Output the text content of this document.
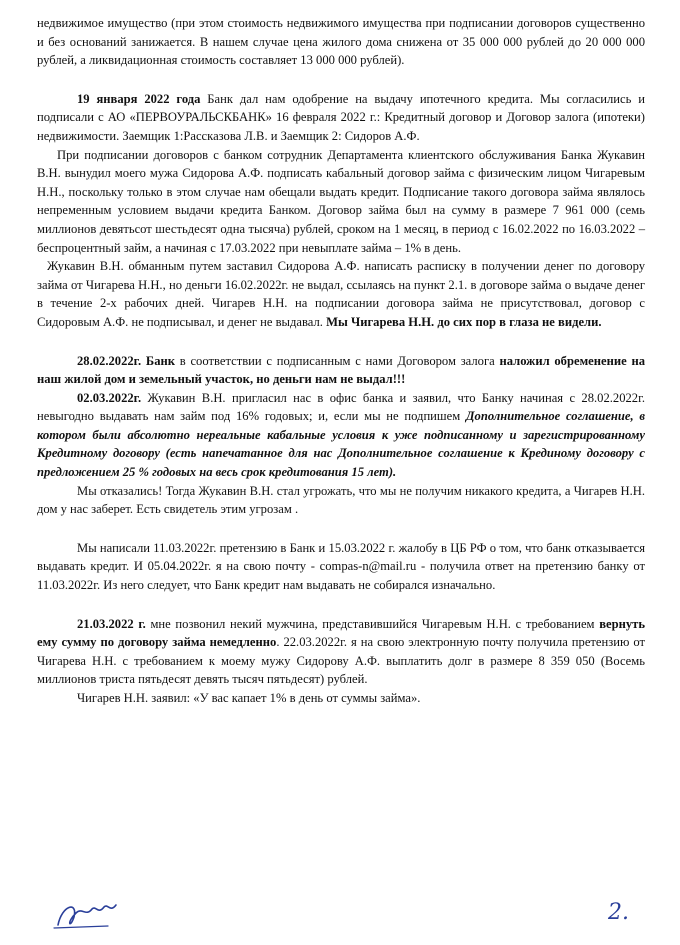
недвижимое имущество (при этом стоимость недвижимого имущества при подписании договоров существенно и без оснований занижается. В нашем случае цена жилого дома снижена от 35 000 000 рублей до 20 000 000 рублей, а ликвидационная стоимость составляет 13 000 000 рублей).

19 января 2022 года Банк дал нам одобрение на выдачу ипотечного кредита. Мы согласились и подписали с АО «ПЕРВОУРАЛЬСКБАНК» 16 февраля 2022 г.: Кредитный договор и Договор залога (ипотеки) недвижимости. Заемщик 1:Рассказова Л.В. и Заемщик 2: Сидоров А.Ф.

При подписании договоров с банком сотрудник Департамента клиентского обслуживания Банка Жукавин В.Н. вынудил моего мужа Сидорова А.Ф. подписать кабальный договор займа с физическим лицом Чигаревым Н.Н., поскольку только в этом случае нам обещали выдать кредит. Подписание такого договора займа являлось непременным условием выдачи кредита Банком. Договор займа был на сумму в размере 7 961 000 (семь миллионов девятьсот шестьдесят одна тысяча) рублей, сроком на 1 месяц, в период с 16.02.2022 по 16.03.2022 – беспроцентный займ, а начиная с 17.03.2022 при невыплате займа – 1% в день.

Жукавин В.Н. обманным путем заставил Сидорова А.Ф. написать расписку в получении денег по договору займа от Чигарева Н.Н., но деньги 16.02.2022г. не выдал, ссылаясь на пункт 2.1. в договоре займа о выдаче денег в течение 2-х рабочих дней. Чигарев Н.Н. на подписании договора займа не присутствовал, договор с Сидоровым А.Ф. не подписывал, и денег не выдавал. Мы Чигарева Н.Н. до сих пор в глаза не видели.

28.02.2022г. Банк в соответствии с подписанным с нами Договором залога наложил обременение на наш жилой дом и земельный участок, но деньги нам не выдал!!!

02.03.2022г. Жукавин В.Н. пригласил нас в офис банка и заявил, что Банку начиная с 28.02.2022г. невыгодно выдавать нам займ под 16% годовых; и, если мы не подпишем Дополнительное соглашение, в котором были абсолютно нереальные кабальные условия к уже подписанному и зарегистрированному Кредитному договору (есть напечатанное для нас Дополнительное соглашение к Крединому договору с предложением 25 % годовых на весь срок кредитования 15 лет).

Мы отказались! Тогда Жукавин В.Н. стал угрожать, что мы не получим никакого кредита, а Чигарев Н.Н. дом у нас заберет. Есть свидетель этим угрозам .

Мы написали 11.03.2022г. претензию в Банк и 15.03.2022 г. жалобу в ЦБ РФ о том, что банк отказывается выдавать кредит. И 05.04.2022г. я на свою почту - compas-n@mail.ru - получила ответ на претензию банку от 11.03.2022г. Из него следует, что Банк кредит нам выдавать не собирался изначально.

21.03.2022 г. мне позвонил некий мужчина, представившийся Чигаревым Н.Н. с требованием вернуть ему сумму по договору займа немедленно. 22.03.2022г. я на свою электронную почту получила претензию от Чигарева Н.Н. с требованием к моему мужу Сидорову А.Ф. выплатить долг в размере 8 359 050 (Восемь миллионов триста пятьдесят девять тысяч пятьдесят) рублей.

Чигарев Н.Н. заявил: «У вас капает 1% в день от суммы займа».

2.
